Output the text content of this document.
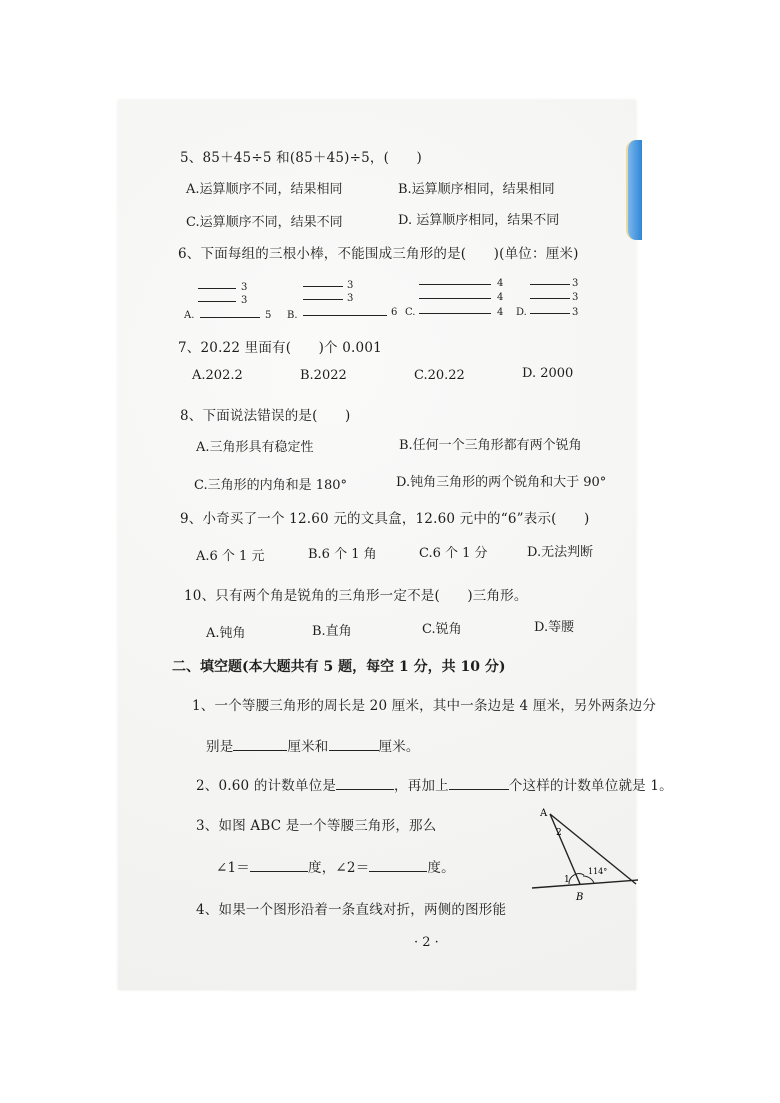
5、85＋45÷5 和(85＋45)÷5，(　　)
A.运算顺序不同，结果相同	B.运算顺序相同，结果相同
C.运算顺序不同，结果不同	D. 运算顺序相同，结果不同
6、下面每组的三根小棒，不能围成三角形的是(　　)(单位：厘米)
3
3
5
A.
3
3
6
B.
4
4
4
C.
3
3
3
D.
7、20.22 里面有(　　)个 0.001
A.202.2	B.2022	C.20.22	D. 2000
8、下面说法错误的是(　　)
A.三角形具有稳定性	B.任何一个三角形都有两个锐角
C.三角形的内角和是 180°	D.钝角三角形的两个锐角和大于 90°
9、小奇买了一个 12.60 元的文具盒，12.60 元中的“6”表示(　　)
A.6 个 1 元	B.6 个 1 角	C.6 个 1 分	D.无法判断
10、只有两个角是锐角的三角形一定不是(　　)三角形。
A.钝角	B.直角	C.锐角	D.等腰
二、填空题(本大题共有 5 题，每空 1 分，共 10 分)
1、一个等腰三角形的周长是 20 厘米，其中一条边是 4 厘米，另外两条边分
别是	厘米和	厘米。
2、0.60 的计数单位是	，再加上	个这样的计数单位就是 1。
3、如图 ABC 是一个等腰三角形，那么
∠1＝	度，∠2＝	度。
A
2
1
114°
B
4、如果一个图形沿着一条直线对折，两侧的图形能
· 2 ·
